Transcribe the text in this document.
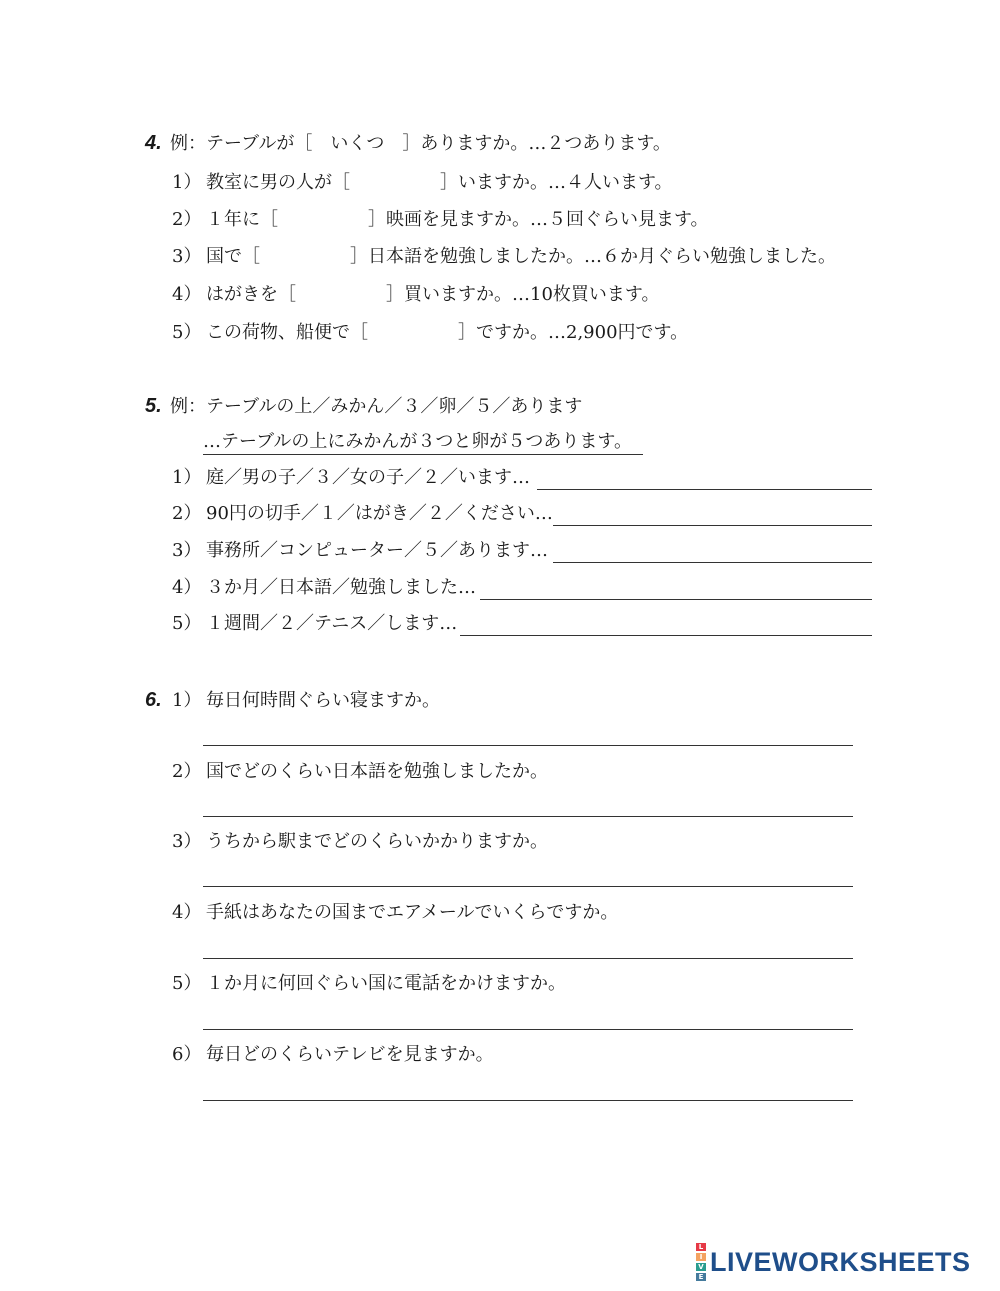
4. 例：テーブルが［　いくつ　］ありますか。…２つあります。
1） 教室に男の人が［　　　　　］いますか。…４人います。
2） １年に［　　　　　］映画を見ますか。…５回ぐらい見ます。
3） 国で［　　　　　］日本語を勉強しましたか。…６か月ぐらい勉強しました。
4） はがきを［　　　　　］買いますか。…10枚買います。
5） この荷物、船便で［　　　　　］ですか。…2,900円です。
5. 例：テーブルの上／みかん／３／卵／５／あります
…テーブルの上にみかんが３つと卵が５つあります。
1） 庭／男の子／３／女の子／２／います…
2） 90円の切手／１／はがき／２／ください…
3） 事務所／コンピューター／５／あります…
4） ３か月／日本語／勉強しました…
5） １週間／２／テニス／します…
6. 1） 毎日何時間ぐらい寝ますか。
2） 国でどのくらい日本語を勉強しましたか。
3） うちから駅までどのくらいかかりますか。
4） 手紙はあなたの国までエアメールでいくらですか。
5） １か月に何回ぐらい国に電話をかけますか。
6） 毎日どのくらいテレビを見ますか。
L
I
V
E
LIVEWORKSHEETS
